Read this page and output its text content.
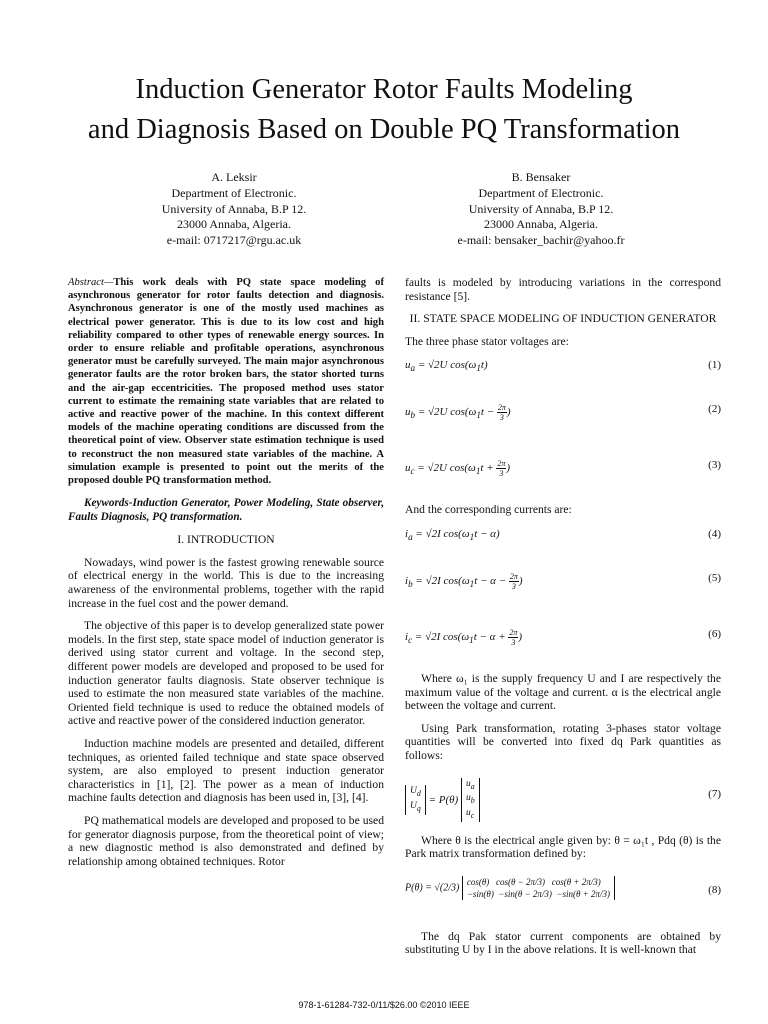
Induction Generator Rotor Faults Modeling
and Diagnosis Based on Double PQ Transformation
A. Leksir
Department of Electronic.
University of Annaba, B.P 12.
23000 Annaba, Algeria.
e-mail: 0717217@rgu.ac.uk
B. Bensaker
Department of Electronic.
University of Annaba, B.P 12.
23000 Annaba, Algeria.
e-mail: bensaker_bachir@yahoo.fr

Abstract—This work deals with PQ state space modeling of asynchronous generator for rotor faults detection and diagnosis. Asynchronous generator is one of the mostly used machines as electrical power generator. This is due to its low cost and high reliability compared to other types of renewable energy sources. In order to ensure reliable and profitable operations, asynchronous generator must be carefully surveyed. The main major asynchronous generator faults are the rotor broken bars, the stator shorted turns and the air-gap eccentricities. The proposed method uses stator current to estimate the remaining state variables that are related to active and reactive power of the machine. In this context different models of the machine operating conditions are discussed from the theoretical point of view. Observer state estimation technique is used to reconstruct the non measured state variables of the machine. A simulation example is presented to point out the merits of the proposed double PQ transformation method.

Keywords-Induction Generator, Power Modeling, State observer, Faults Diagnosis, PQ transformation.

I. INTRODUCTION

Nowadays, wind power is the fastest growing renewable source of electrical energy in the world. This is due to the increasing awareness of the environmental problems, together with the rapid increase in the fuel cost and the power demand.

The objective of this paper is to develop generalized state power models. In the first step, state space model of induction generator is derived using stator current and voltage. In the second step, different power models are developed and proposed to be used for induction generator faults diagnosis. State observer technique is used to estimate the non measured state variables of the machine. Oriented field technique is used to reduce the obtained models of active and reactive power of the considered induction generator.

Induction machine models are presented and detailed, different techniques, as oriented failed technique and state space observed system, are also employed to present induction generator characteristics in [1], [2]. The power as a mean of induction machine faults detection and diagnosis has been used in, [3], [4].

PQ mathematical models are developed and proposed to be used for generator diagnosis purpose, from the theoretical point of view; a new diagnostic method is also demonstrated and defined by relationship among obtained techniques. Rotor

faults is modeled by introducing variations in the correspond resistance [5].

II. STATE SPACE MODELING OF INDUCTION GENERATOR

The three phase stator voltages are:

$u_a = √2U$ $\cos(\omega_1t)$	(1)
$u_b = √2U$ $\cos(\omega_1t - \frac{2\pi}{3}$ )	(2)
$u_c = √2U$ $\cos(\omega_1t + \frac{2\pi}{3}$ )	(3)

And the corresponding currents are:

$i_a = √2I$ $\cos(\omega_1t - \alpha)$	(4)
$i_b = √2I$ $\cos(\omega_1t - \alpha - \frac{2\pi}{3}$ )	(5)
$i_c = √2I$ $\cos(\omega_1t - \alpha + \frac{2\pi}{3}$ )	(6)

Where ω₁ is the supply frequency U and I are respectively the maximum value of the voltage and current. α is the electrical angle between the voltage and current.

Using Park transformation, rotating 3-phases stator voltage quantities will be converted into fixed dq Park quantities as follows:

$U_d$
$U_q = P(\theta)$ $u_a$
$u_b$
$u_c$
(7)

Where θ is the electrical angle given by: θ = ω₁t , Pdq (θ) is the Park matrix transformation defined by:

P(θ) = √(2/3) cos(θ)   cos(θ − 2π/3)   cos(θ + 2π/3)
−sin(θ)  −sin(θ − 2π/3)  −sin(θ + 2π/3)	(8)

The dq Pak stator current components are obtained by substituting U by I in the above relations. It is well-known that

978-1-61284-732-0/11/$26.00 ©2010 IEEE
